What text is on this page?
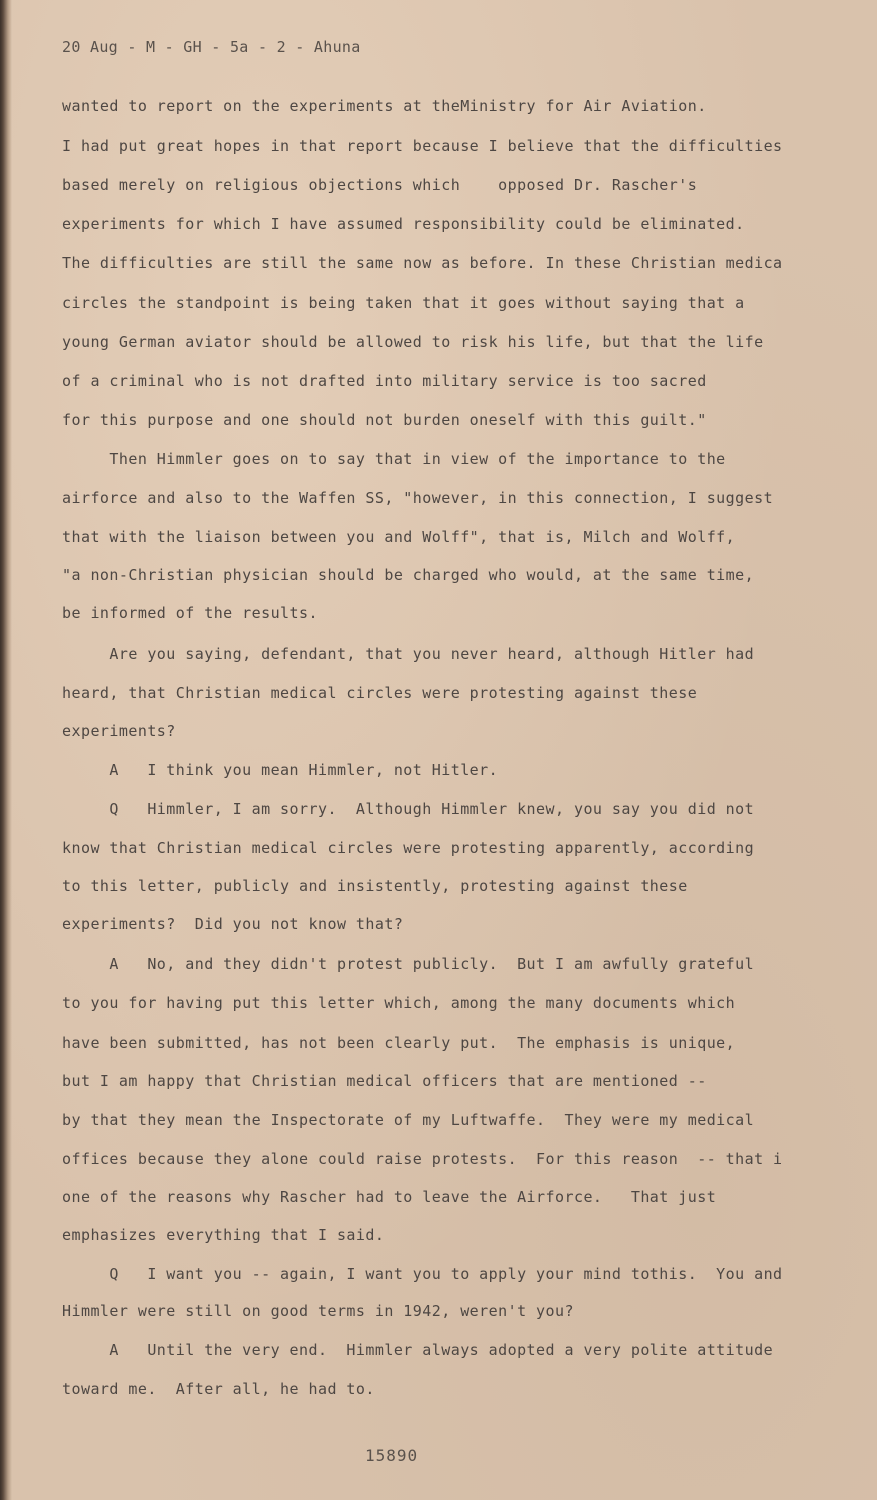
20 Aug - M - GH - 5a - 2 - Ahuna
wanted to report on the experiments at theMinistry for Air Aviation.
I had put great hopes in that report because I believe that the difficulties
based merely on religious objections which    opposed Dr. Rascher's
experiments for which I have assumed responsibility could be eliminated.
The difficulties are still the same now as before. In these Christian medica
circles the standpoint is being taken that it goes without saying that a
young German aviator should be allowed to risk his life, but that the life
of a criminal who is not drafted into military service is too sacred
for this purpose and one should not burden oneself with this guilt."
Then Himmler goes on to say that in view of the importance to the
airforce and also to the Waffen SS, "however, in this connection, I suggest
that with the liaison between you and Wolff", that is, Milch and Wolff,
"a non-Christian physician should be charged who would, at the same time,
be informed of the results.
Are you saying, defendant, that you never heard, although Hitler had
heard, that Christian medical circles were protesting against these
experiments?
A   I think you mean Himmler, not Hitler.
Q   Himmler, I am sorry.  Although Himmler knew, you say you did not
know that Christian medical circles were protesting apparently, according
to this letter, publicly and insistently, protesting against these
experiments?  Did you not know that?
A   No, and they didn't protest publicly.  But I am awfully grateful
to you for having put this letter which, among the many documents which
have been submitted, has not been clearly put.  The emphasis is unique,
but I am happy that Christian medical officers that are mentioned --
by that they mean the Inspectorate of my Luftwaffe.  They were my medical
offices because they alone could raise protests.  For this reason  -- that i
one of the reasons why Rascher had to leave the Airforce.   That just
emphasizes everything that I said.
Q   I want you -- again, I want you to apply your mind tothis.  You and
Himmler were still on good terms in 1942, weren't you?
A   Until the very end.  Himmler always adopted a very polite attitude
toward me.  After all, he had to.
15890
